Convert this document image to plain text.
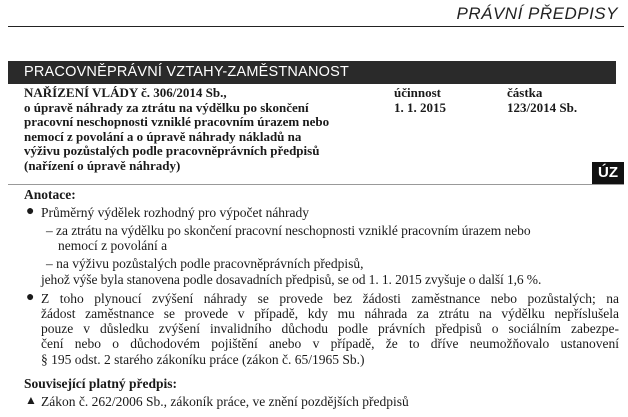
PRÁVNÍ PŘEDPISY
PRACOVNĚPRÁVNÍ VZTAHY-ZAMĚSTNANOST
NAŘÍZENÍ VLÁDY č. 306/2014 Sb.,
o úpravě náhrady za ztrátu na výdělku po skončení
pracovní neschopnosti vzniklé pracovním úrazem nebo
nemocí z povolání a o úpravě náhrady nákladů na
výživu pozůstalých podle pracovněprávních předpisů
(nařízení o úpravě náhrady)
účinnost
1. 1. 2015
částka
123/2014 Sb.
ÚZ
Anotace:
● Průměrný výdělek rozhodný pro výpočet náhrady
– za ztrátu na výdělku po skončení pracovní neschopnosti vzniklé pracovním úrazem nebo
nemocí z povolání a
– na výživu pozůstalých podle pracovněprávních předpisů,
jehož výše byla stanovena podle dosavadních předpisů, se od 1. 1. 2015 zvyšuje o další 1,6 %.
● Z toho plynoucí zvýšení náhrady se provede bez žádosti zaměstnance nebo pozůstalých; na
žádost zaměstnance se provede v případě, kdy mu náhrada za ztrátu na výdělku nepříslušela
pouze v důsledku zvýšení invalidního důchodu podle právních předpisů o sociálním zabezpe-
čení nebo o důchodovém pojištění anebo v případě, že to dříve neumožňovalo ustanovení
§ 195 odst. 2 starého zákoníku práce (zákon č. 65/1965 Sb.)
Související platný předpis:
▲ Zákon č. 262/2006 Sb., zákoník práce, ve znění pozdějších předpisů
